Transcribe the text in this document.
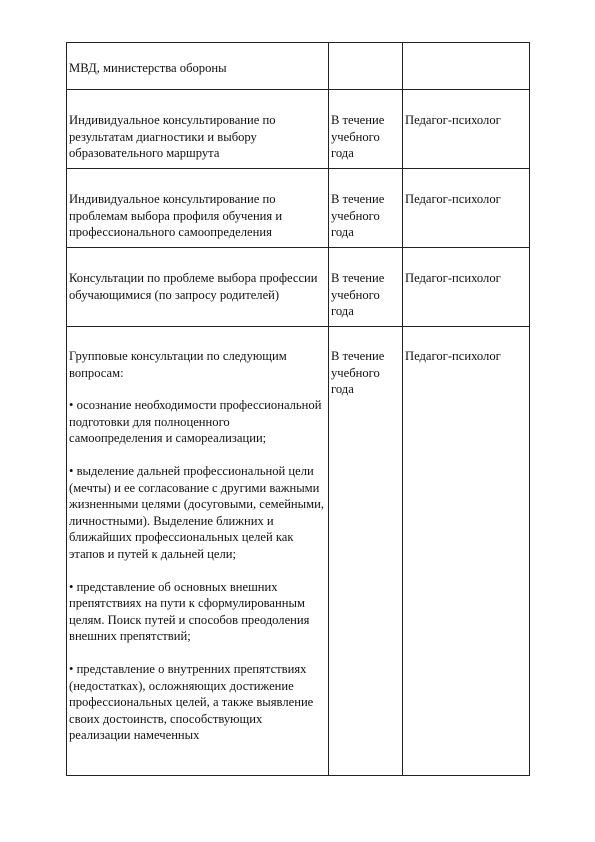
МВД, министерства обороны		

Индивидуальное консультирование по результатам диагностики и выбору образовательного маршрута	В течение учебного года	Педагог-психолог

Индивидуальное консультирование по проблемам выбора профиля обучения и профессионального самоопределения	В течение учебного года	Педагог-психолог

Консультации по проблеме выбора профессии обучающимися (по запросу родителей)	В течение учебного года	Педагог-психолог

Групповые консультации по следующим вопросам:

• осознание необходимости профессиональной подготовки для полноценного самоопределения и самореализации;

• выделение дальней профессиональной цели (мечты) и ее согласование с другими важными жизненными целями (досуговыми, семейными, личностными). Выделение ближних и ближайших профессиональных целей как этапов и путей к дальней цели;

• представление об основных внешних препятствиях на пути к сформулированным целям. Поиск путей и способов преодоления внешних препятствий;

• представление о внутренних препятствиях (недостатках), осложняющих достижение профессиональных целей, а также выявление своих достоинств, способствующих реализации намеченных	В течение учебного года	Педагог-психолог
